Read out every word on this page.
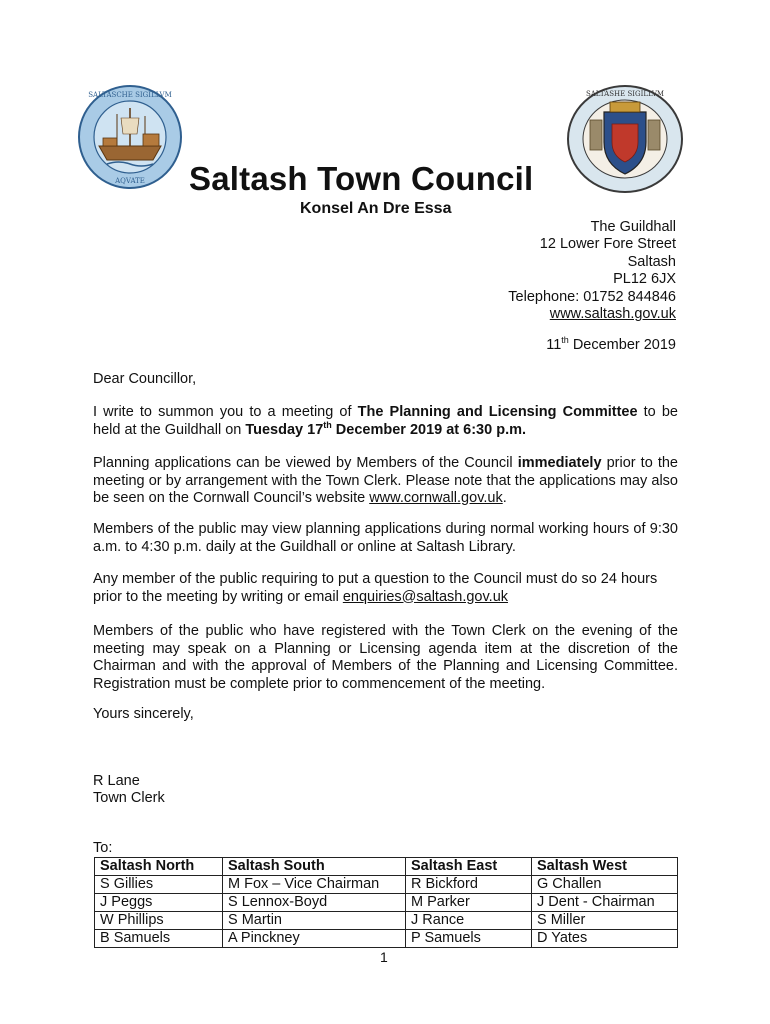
SALTASCHE SIGILLVM
AQVATE
SALTASHE SIGILLVM
Saltash Town Council
Konsel An Dre Essa
The Guildhall
12 Lower Fore Street
Saltash
PL12 6JX
Telephone: 01752 844846
www.saltash.gov.uk
11th December 2019
Dear Councillor,
I write to summon you to a meeting of The Planning and Licensing Committee to be held at the Guildhall on Tuesday 17th December 2019 at 6:30 p.m.
Planning applications can be viewed by Members of the Council immediately prior to the meeting or by arrangement with the Town Clerk. Please note that the applications may also be seen on the Cornwall Council’s website www.cornwall.gov.uk.
Members of the public may view planning applications during normal working hours of 9:30 a.m. to 4:30 p.m. daily at the Guildhall or online at Saltash Library.
Any member of the public requiring to put a question to the Council must do so 24 hours prior to the meeting by writing or email enquiries@saltash.gov.uk
Members of the public who have registered with the Town Clerk on the evening of the meeting may speak on a Planning or Licensing agenda item at the discretion of the Chairman and with the approval of Members of the Planning and Licensing Committee. Registration must be complete prior to commencement of the meeting.
Yours sincerely,
R Lane
Town Clerk
To:
Saltash North	Saltash South	Saltash East	Saltash West
S Gillies	M Fox – Vice Chairman	R Bickford	G Challen
J Peggs	S Lennox-Boyd	M Parker	J Dent - Chairman
W Phillips	S Martin	J Rance	S Miller
B Samuels	A Pinckney	P Samuels	D Yates
1
